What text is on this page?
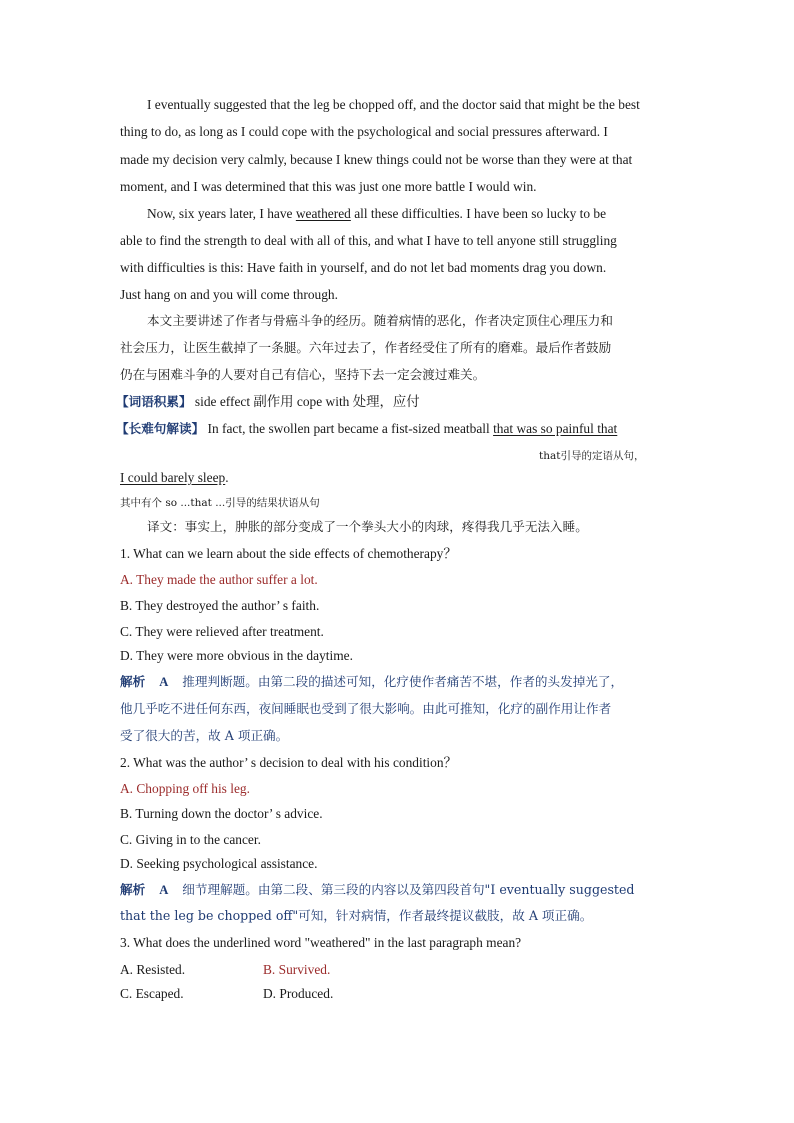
I eventually suggested that the leg be chopped off, and the doctor said that might be the best
thing to do, as long as I could cope with the psychological and social pressures afterward. I
made my decision very calmly, because I knew things could not be worse than they were at that
moment, and I was determined that this was just one more battle I would win.
Now, six years later, I have weathered all these difficulties. I have been so lucky to be
able to find the strength to deal with all of this, and what I have to tell anyone still struggling
with difficulties is this: Have faith in yourself, and do not let bad moments drag you down.
Just hang on and you will come through.
本文主要讲述了作者与骨癌斗争的经历。随着病情的恶化，作者决定顶住心理压力和
社会压力，让医生截掉了一条腿。六年过去了，作者经受住了所有的磨难。最后作者鼓励
仍在与困难斗争的人要对自己有信心，坚持下去一定会渡过难关。
【词语积累】 side effect 副作用 cope with 处理，应付
【长难句解读】 In fact, the swollen part became a fist-sized meatball that was so painful that
that引导的定语从句，
I could barely sleep.
其中有个 so ...that ...引导的结果状语从句
译文：事实上，肿胀的部分变成了一个拳头大小的肉球，疼得我几乎无法入睡。
1. What can we learn about the side effects of chemotherapy？
A. They made the author suffer a lot.
B. They destroyed the author’ s faith.
C. They were relieved after treatment.
D. They were more obvious in the daytime.
解析 A 推理判断题。由第二段的描述可知，化疗使作者痛苦不堪，作者的头发掉光了，
他几乎吃不进任何东西，夜间睡眠也受到了很大影响。由此可推知，化疗的副作用让作者
受了很大的苦，故 A 项正确。
2. What was the author’ s decision to deal with his condition？
A. Chopping off his leg.
B. Turning down the doctor’ s advice.
C. Giving in to the cancer.
D. Seeking psychological assistance.
解析 A 细节理解题。由第二段、第三段的内容以及第四段首句"I eventually suggested
that the leg be chopped off"可知，针对病情，作者最终提议截肢，故 A 项正确。
3. What does the underlined word "weathered" in the last paragraph mean?
A. Resisted.	B. Survived.
C. Escaped.	D. Produced.
